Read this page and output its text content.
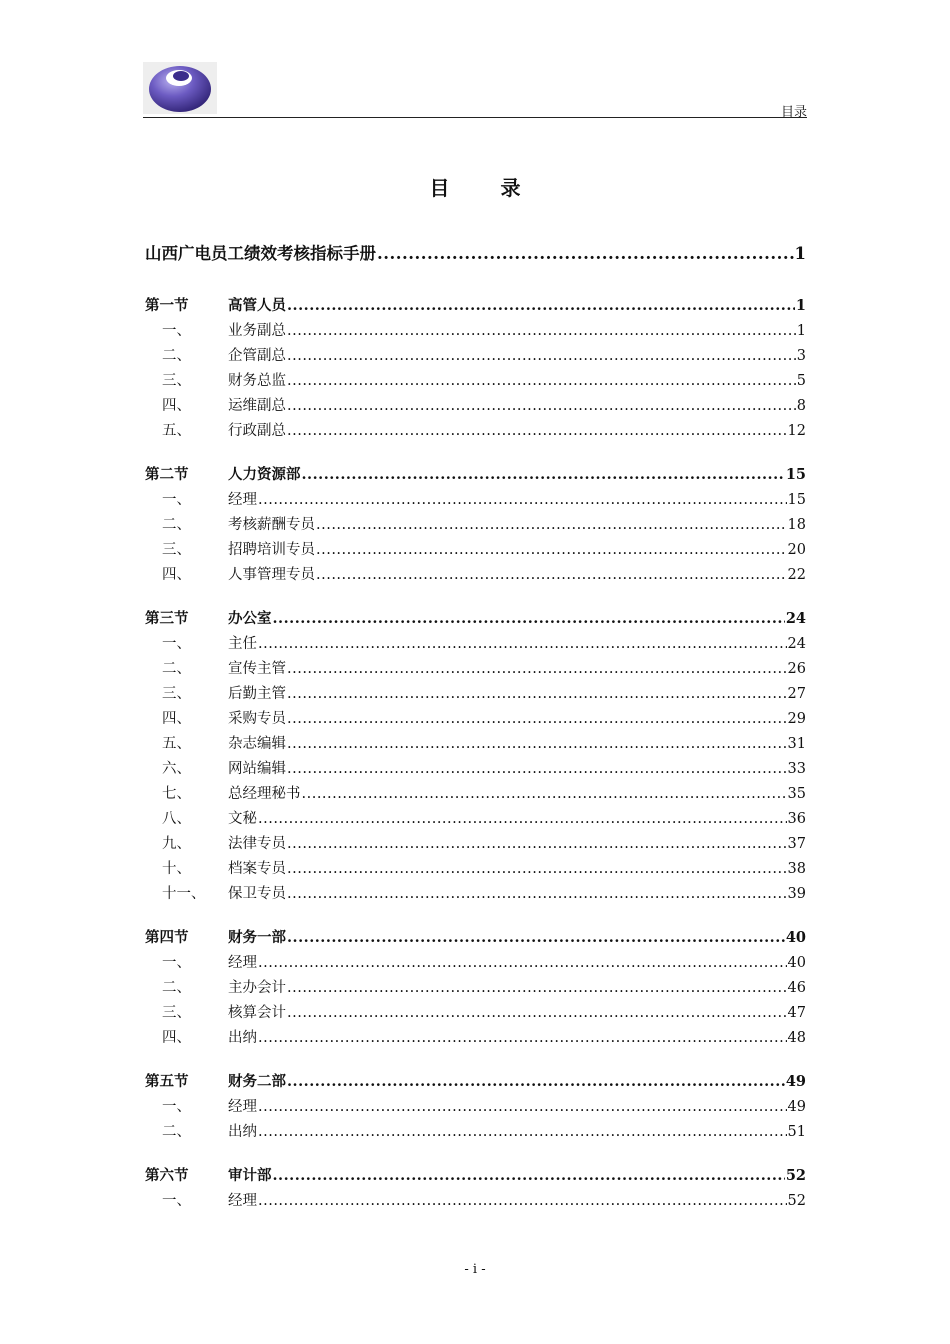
目录
目 录
山西广电员工绩效考核指标手册 .....	1
第一节	高管人员 .....	1
一、	业务副总 .....	1
二、	企管副总 .....	3
三、	财务总监 .....	5
四、	运维副总 .....	8
五、	行政副总 .....	12
第二节	人力资源部 .....	15
一、	经理 .....	15
二、	考核薪酬专员 .....	18
三、	招聘培训专员 .....	20
四、	人事管理专员 .....	22
第三节	办公室 .....	24
一、	主任 .....	24
二、	宣传主管 .....	26
三、	后勤主管 .....	27
四、	采购专员 .....	29
五、	杂志编辑 .....	31
六、	网站编辑 .....	33
七、	总经理秘书 .....	35
八、	文秘 .....	36
九、	法律专员 .....	37
十、	档案专员 .....	38
十一、	保卫专员 .....	39
第四节	财务一部 .....	40
一、	经理 .....	40
二、	主办会计 .....	46
三、	核算会计 .....	47
四、	出纳 .....	48
第五节	财务二部 .....	49
一、	经理 .....	49
二、	出纳 .....	51
第六节	审计部 .....	52
一、	经理 .....	52
- i -
